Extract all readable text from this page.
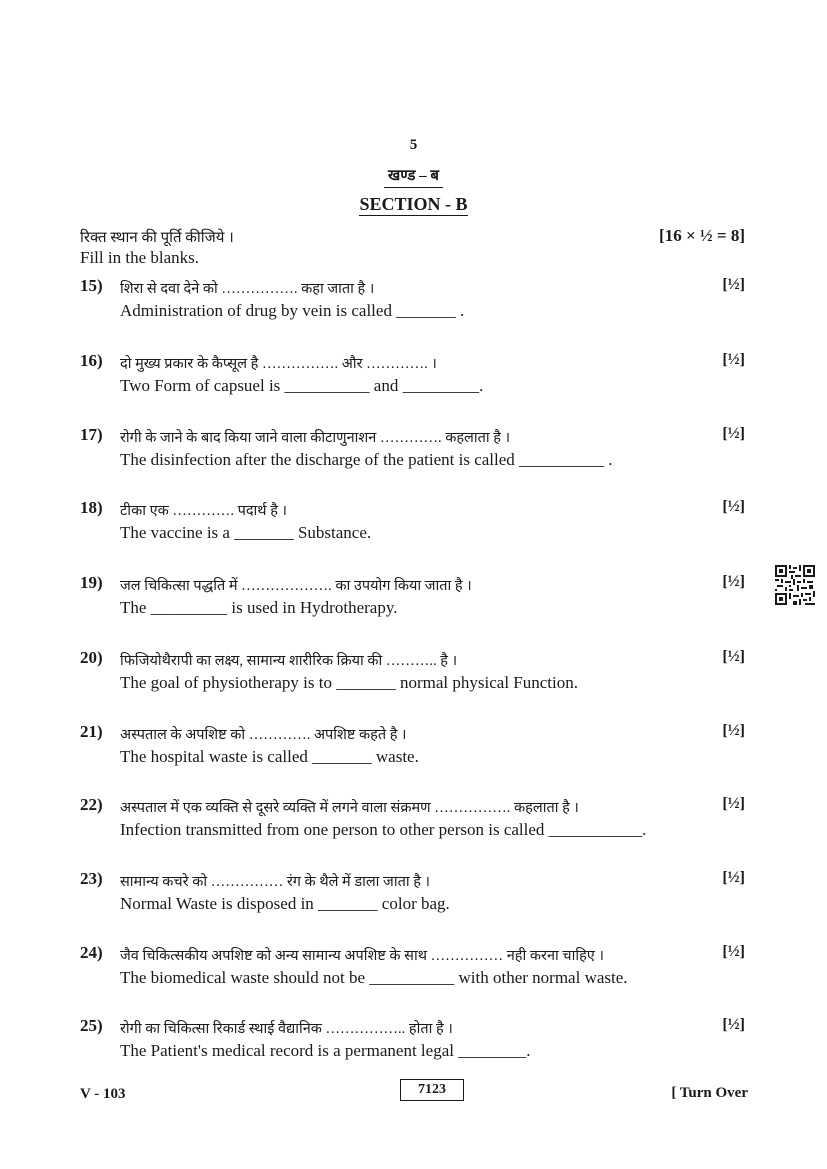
5
खण्ड – ब
SECTION - B
रिक्त स्थान की पूर्ति कीजिये ।	[16 × ½ = 8]
Fill in the blanks.
15) शिरा से दवा देने को ……………. कहा जाता है ।	[½]
Administration of drug by vein is called _______ .
16) दो मुख्य प्रकार के कैप्सूल है ……………. और …………. ।	[½]
Two Form of capsuel is __________ and _________.
17) रोगी के जाने के बाद किया जाने वाला कीटाणुनाशन …………. कहलाता है ।	[½]
The disinfection after the discharge of the patient is called __________ .
18) टीका एक …………. पदार्थ है ।	[½]
The vaccine is a _______ Substance.
19) जल चिकित्सा पद्धति में ………………. का उपयोग किया जाता है ।	[½]
The _________ is used in Hydrotherapy.
20) फिजियोथैरापी का लक्ष्य, सामान्य शारीरिक क्रिया की ……….. है ।	[½]
The goal of physiotherapy is to _______ normal physical Function.
21) अस्पताल के अपशिष्ट को …………. अपशिष्ट कहते है ।	[½]
The hospital waste is called _______ waste.
22) अस्पताल में एक व्यक्ति से दूसरे व्यक्ति में लगने वाला संक्रमण ……………. कहलाता है ।	[½]
Infection transmitted from one person to other person is called ___________.
23) सामान्य कचरे को …………… रंग के थैले में डाला जाता है ।	[½]
Normal Waste is disposed in _______ color bag.
24) जैव चिकित्सकीय अपशिष्ट को अन्य सामान्य अपशिष्ट के साथ …………… नही करना चाहिए ।	[½]
The biomedical waste should not be __________ with other normal waste.
25) रोगी का चिकित्सा रिकार्ड स्थाई वैद्यानिक …………….. होता है ।	[½]
The Patient's medical record is a permanent legal ________.
V - 103	7123	[ Turn Over
